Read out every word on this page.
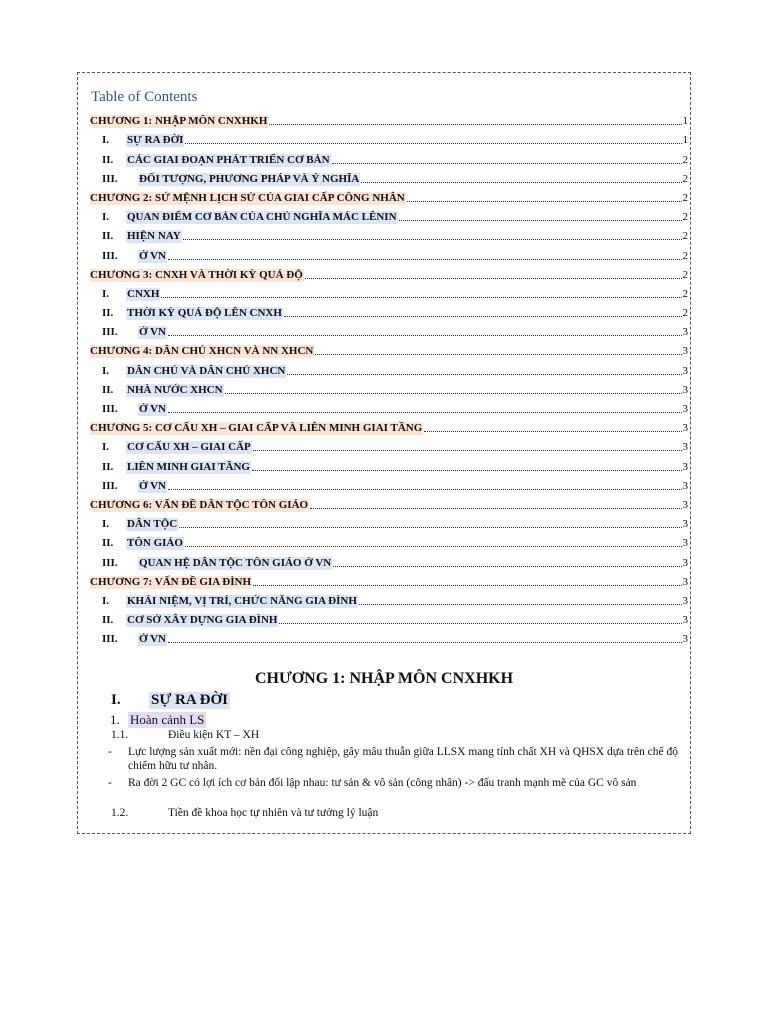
Table of Contents
CHƯƠNG 1: NHẬP MÔN CNXHKH	1
I.	SỰ RA ĐỜI	1
II.	CÁC GIAI ĐOẠN PHÁT TRIỂN CƠ BẢN	2
III.	ĐỐI TƯỢNG, PHƯƠNG PHÁP VÀ Ý NGHĨA	2
CHƯƠNG 2: SỨ MỆNH LỊCH SỬ CỦA GIAI CẤP CÔNG NHÂN	2
I.	QUAN ĐIỂM CƠ BẢN CỦA CHỦ NGHĨA MÁC LÊNIN	2
II.	HIỆN NAY	2
III.	Ở VN	2
CHƯƠNG 3: CNXH VÀ THỜI KỲ QUÁ ĐỘ	2
I.	CNXH	2
II.	THỜI KỲ QUÁ ĐỘ LÊN CNXH	2
III.	Ở VN	3
CHƯƠNG 4: DÂN CHỦ XHCN VÀ NN XHCN	3
I.	DÂN CHỦ VÀ DÂN CHỦ XHCN	3
II.	NHÀ NƯỚC XHCN	3
III.	Ở VN	3
CHƯƠNG 5: CƠ CẤU XH – GIAI CẤP VÀ LIÊN MINH GIAI TẦNG	3
I.	CƠ CẤU XH – GIAI CẤP	3
II.	LIÊN MINH GIAI TẦNG	3
III.	Ở VN	3
CHƯƠNG 6: VẤN ĐỀ DÂN TỘC TÔN GIÁO	3
I.	DÂN TỘC	3
II.	TÔN GIÁO	3
III.	QUAN HỆ DÂN TỘC TÔN GIÁO Ở VN	3
CHƯƠNG 7: VẤN ĐỀ GIA ĐÌNH	3
I.	KHÁI NIỆM, VỊ TRÍ, CHỨC NĂNG GIA ĐÌNH	3
II.	CƠ SỞ XÂY DỰNG GIA ĐÌNH	3
III.	Ở VN	3
CHƯƠNG 1: NHẬP MÔN CNXHKH
I.	SỰ RA ĐỜI
1. Hoàn cảnh LS
1.1.	Điều kiện KT – XH
-	Lực lượng sản xuất mới: nền đại công nghiệp, gây mâu thuẫn giữa LLSX mang tính chất XH và QHSX dựa trên chế độ chiếm hữu tư nhân.
-	Ra đời 2 GC có lợi ích cơ bản đối lập nhau: tư sản & vô sản (công nhân) -> đấu tranh mạnh mẽ của GC vô sản
1.2.	Tiền đề khoa học tự nhiên và tư tưởng lý luận
